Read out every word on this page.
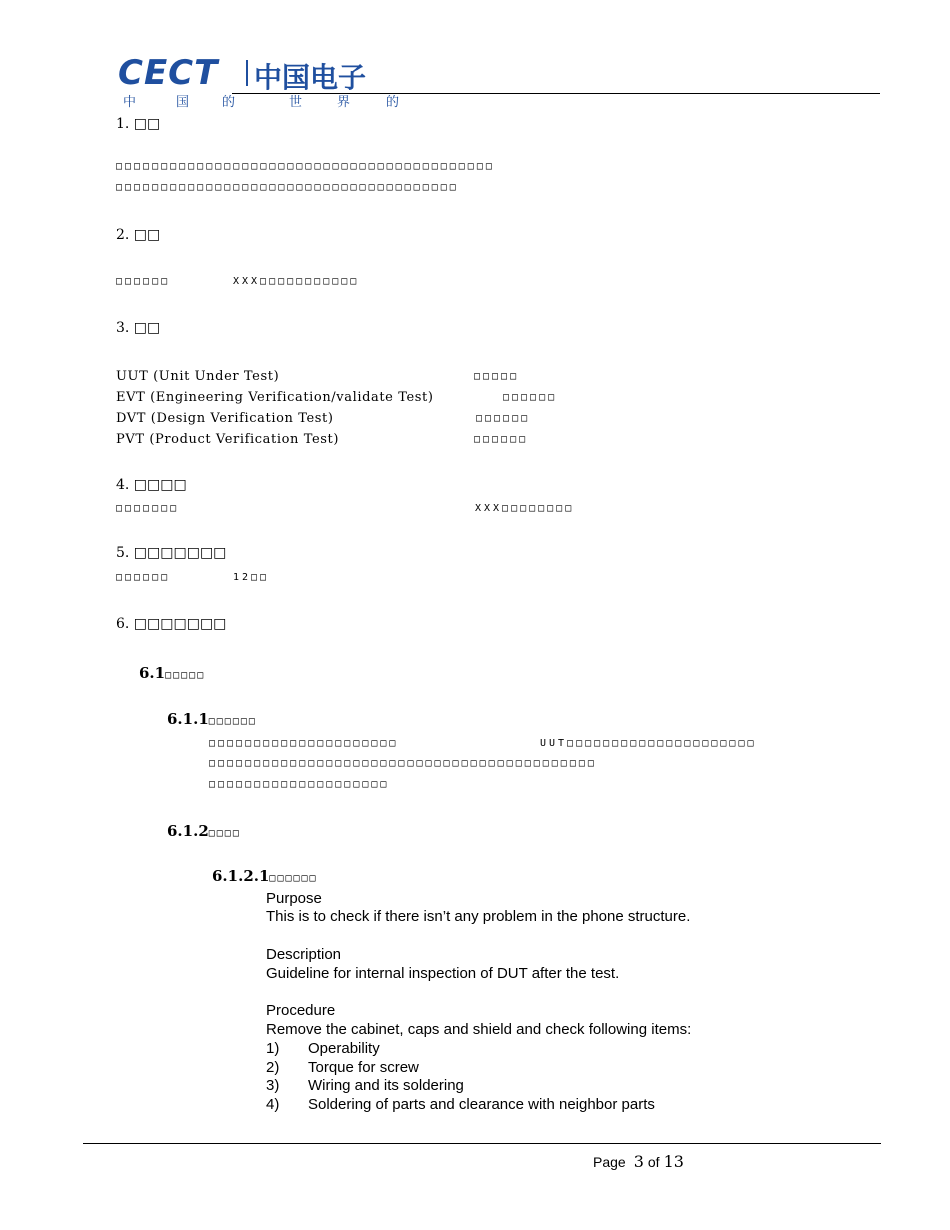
CECT 中国电子
中	国	的	世	界	的
1. □□
□□□□□□□□□□□□□□□□□□□□□□□□□□□□□□□□□□□□□□□□□□
□□□□□□□□□□□□□□□□□□□□□□□□□□□□□□□□□□□□□□
2. □□
□□□□□□	XXX□□□□□□□□□□□
3. □□
UUT (Unit Under Test)	□□□□□
EVT (Engineering Verification/validate Test)	□□□□□□
DVT (Design Verification Test)	□□□□□□
PVT (Product Verification Test)	□□□□□□
4. □□□□
□□□□□□□	XXX□□□□□□□□
5. □□□□□□□
□□□□□□	12□□
6. □□□□□□□
6.1□□□□□
6.1.1□□□□□□
□□□□□□□□□□□□□□□□□□□□□	UUT□□□□□□□□□□□□□□□□□□□□□
□□□□□□□□□□□□□□□□□□□□□□□□□□□□□□□□□□□□□□□□□□□
□□□□□□□□□□□□□□□□□□□□
6.1.2□□□□
6.1.2.1□□□□□□
Purpose
This is to check if there isn’t any problem in the phone structure.
Description
Guideline for internal inspection of DUT after the test.
Procedure
Remove the cabinet, caps and shield and check following items:
1) Operability
2) Torque for screw
3) Wiring and its soldering
4) Soldering of parts and clearance with neighbor parts
Page 3 of 13
